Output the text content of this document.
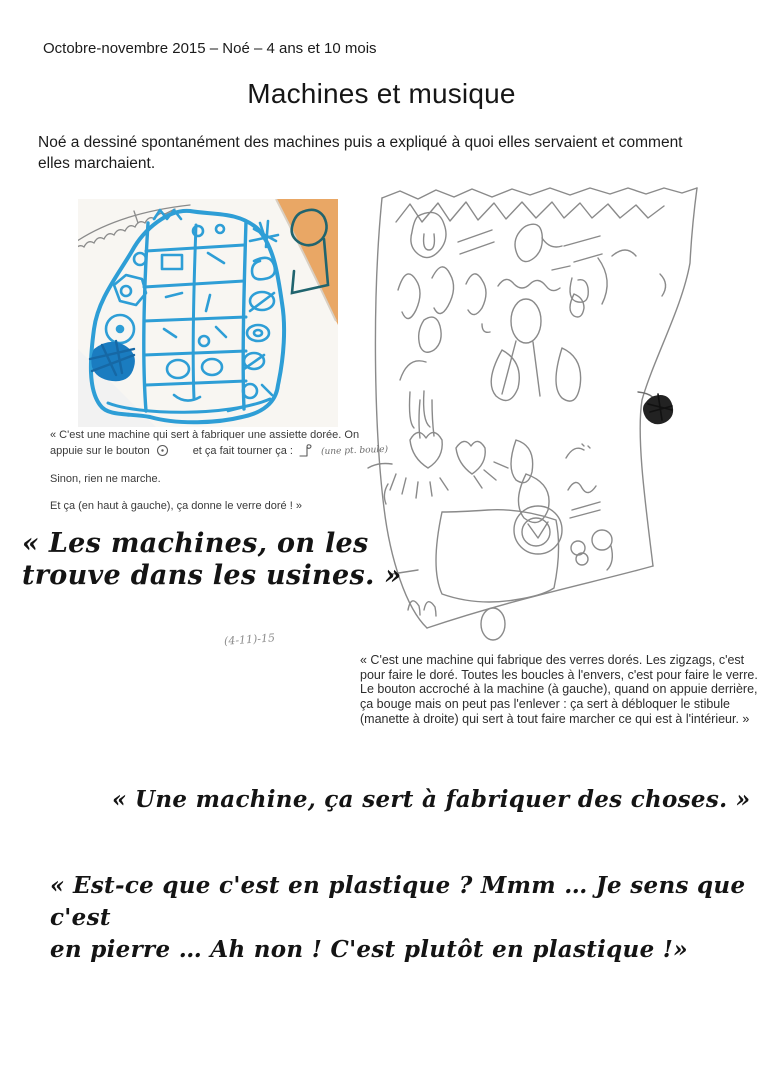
Octobre-novembre 2015 – Noé – 4 ans et 10 mois
Machines et musique

Noé a dessiné spontanément des machines puis a expliqué à quoi elles servaient et comment elles marchaient.

« C'est une machine qui sert à fabriquer une assiette dorée. On
appuie sur le bouton	et ça fait tourner ça :	(une pt. boule)
Sinon, rien ne marche.
Et ça (en haut à gauche), ça donne le verre doré ! »
« Les machines, on les
trouve dans les usines. »
(4-11)-15
« C'est une machine qui fabrique des verres dorés. Les zigzags, c'est pour faire le doré. Toutes les boucles à l'envers, c'est pour faire le verre. Le bouton accroché à la machine (à gauche), quand on appuie derrière, ça bouge mais on peut pas l'enlever : ça sert à débloquer le stibule (manette à droite) qui sert à tout faire marcher ce qui est à l'intérieur. »
« Une machine, ça sert à fabriquer des choses. »
« Est-ce que c'est en plastique ? Mmm … Je sens que c'est
en pierre … Ah non ! C'est plutôt en plastique !»
